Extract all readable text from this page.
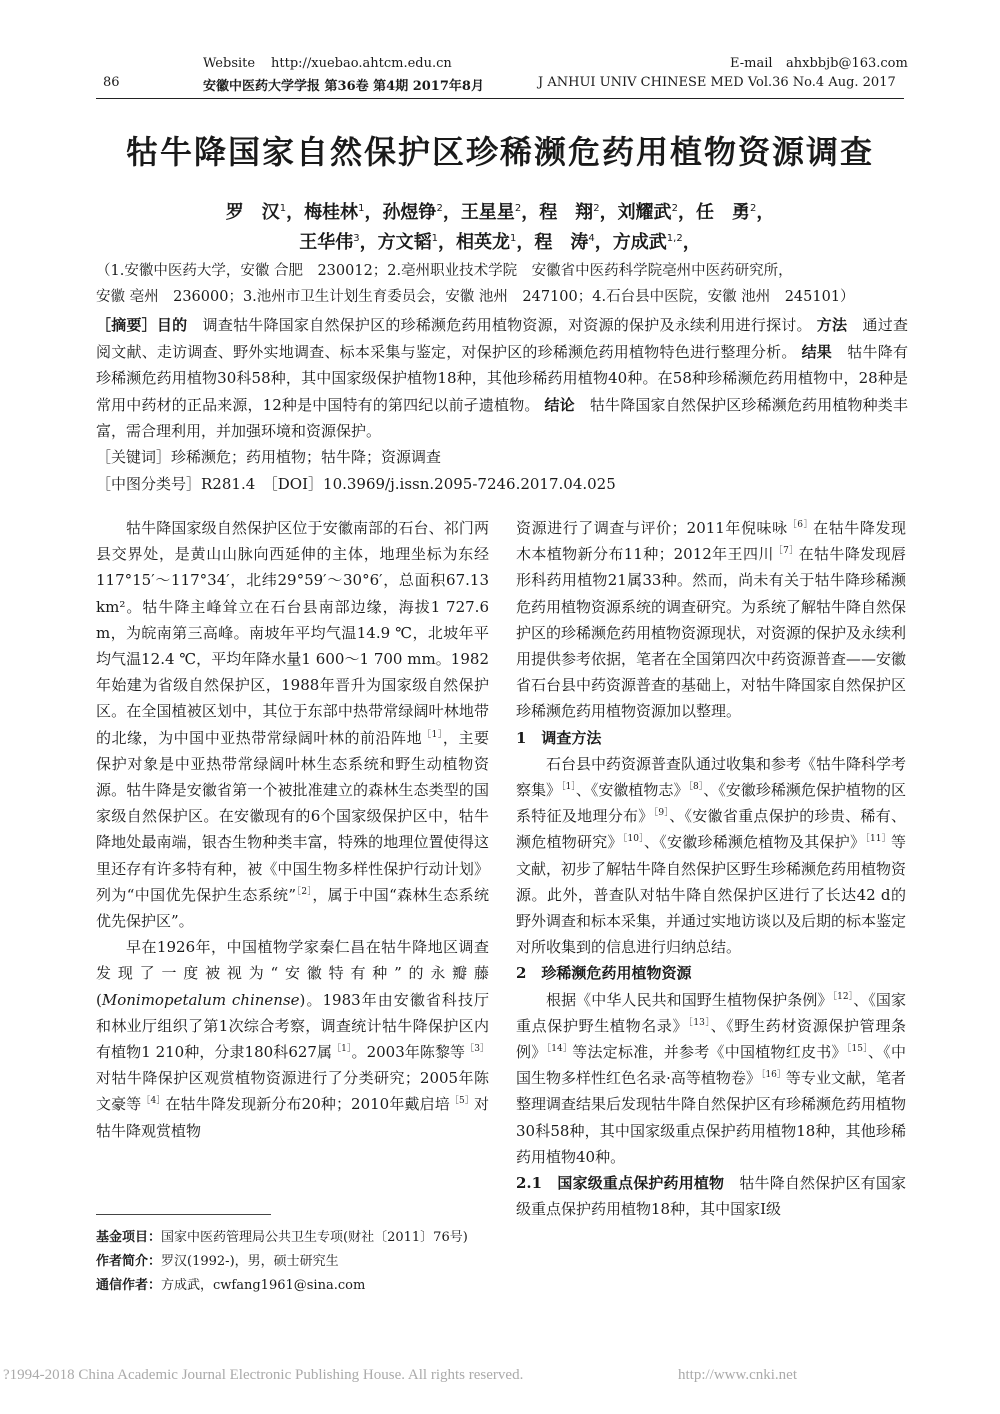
Website http://xuebao.ahtcm.edu.cn	E-mail ahxbbjb@163.com
86	安徽中医药大学学报 第36卷 第4期 2017年8月	J ANHUI UNIV CHINESE MED Vol.36 No.4 Aug. 2017
牯牛降国家自然保护区珍稀濒危药用植物资源调查
罗　汉$^1$，梅桂林$^1$，孙煜铮$^2$，王星星$^2$，程　翔$^2$，刘耀武$^2$，任　勇$^2$，
王华伟$^3$，方文韬$^1$，相英龙$^1$，程　涛$^4$，方成武$^{1,2}$，
（1.安徽中医药大学，安徽 合肥　230012；2.亳州职业技术学院　安徽省中医药科学院亳州中医药研究所，
安徽 亳州　236000；3.池州市卫生计划生育委员会，安徽 池州　247100；4.石台县中医院，安徽 池州　245101）
［摘要］目的　 调查牯牛降国家自然保护区的珍稀濒危药用植物资源，对资源的保护及永续利用进行探讨。 方法　 通过查阅文献、走访调查、野外实地调查、标本采集与鉴定，对保护区的珍稀濒危药用植物特色进行整理分析。 结果　 牯牛降有珍稀濒危药用植物30科58种，其中国家级保护植物18种，其他珍稀药用植物40种。在58种珍稀濒危药用植物中，28种是常用中药材的正品来源，12种是中国特有的第四纪以前孑遗植物。 结论　 牯牛降国家自然保护区珍稀濒危药用植物种类丰富，需合理利用，并加强环境和资源保护。
［关键词］珍稀濒危；药用植物；牯牛降；资源调查
［中图分类号］R281.4　 ［DOI］10.3969/j.issn.2095-7246.2017.04.025

牯牛降国家级自然保护区位于安徽南部的石台、祁门两县交界处，是黄山山脉向西延伸的主体，地理坐标为东经117°15′～117°34′，北纬29°59′～30°6′，总面积67.13 km²。牯牛降主峰耸立在石台县南部边缘，海拔1 727.6 m，为皖南第三高峰。南坡年平均气温14.9 ℃，北坡年平均气温12.4 ℃，平均年降水量1 600～1 700 mm。1982年始建为省级自然保护区，1988年晋升为国家级自然保护区。在全国植被区划中，其位于东部中热带常绿阔叶林地带的北缘，为中国中亚热带常绿阔叶林的前沿阵地$^{[1]}$，主要保护对象是中亚热带常绿阔叶林生态系统和野生动植物资源。牯牛降是安徽省第一个被批准建立的森林生态类型的国家级自然保护区。在安徽现有的6个国家级保护区中，牯牛降地处最南端，银杏生物种类丰富，特殊的地理位置使得这里还存有许多特有种，被《中国生物多样性保护行动计划》列为“中国优先保护生态系统”$^{[2]}$，属于中国“森林生态系统优先保护区”。

早在1926年，中国植物学家秦仁昌在牯牛降地区调查发现了一度被视为“安徽特有种”的永瓣藤(Monimopetalum chinense)。1983年由安徽省科技厅和林业厅组织了第1次综合考察，调查统计牯牛降保护区内有植物1 210种，分隶180科627属$^{[1]}$。2003年陈黎等$^{[3]}$对牯牛降保护区观赏植物资源进行了分类研究；2005年陈文豪等$^{[4]}$在牯牛降发现新分布20种；2010年戴启培$^{[5]}$对牯牛降观赏植物

资源进行了调查与评价；2011年倪味咏$^{[6]}$在牯牛降发现木本植物新分布11种；2012年王四川$^{[7]}$在牯牛降发现唇形科药用植物21属33种。然而，尚未有关于牯牛降珍稀濒危药用植物资源系统的调查研究。为系统了解牯牛降自然保护区的珍稀濒危药用植物资源现状，对资源的保护及永续利用提供参考依据，笔者在全国第四次中药资源普查——安徽省石台县中药资源普查的基础上，对牯牛降国家自然保护区珍稀濒危药用植物资源加以整理。

1　调查方法

石台县中药资源普查队通过收集和参考《牯牛降科学考察集》$^{[1]}$、《安徽植物志》$^{[8]}$、《安徽珍稀濒危保护植物的区系特征及地理分布》$^{[9]}$、《安徽省重点保护的珍贵、稀有、濒危植物研究》$^{[10]}$、《安徽珍稀濒危植物及其保护》$^{[11]}$等文献，初步了解牯牛降自然保护区野生珍稀濒危药用植物资源。此外，普查队对牯牛降自然保护区进行了长达42 d的野外调查和标本采集，并通过实地访谈以及后期的标本鉴定对所收集到的信息进行归纳总结。

2　珍稀濒危药用植物资源

根据《中华人民共和国野生植物保护条例》$^{[12]}$、《国家重点保护野生植物名录》$^{[13]}$、《野生药材资源保护管理条例》$^{[14]}$等法定标准，并参考《中国植物红皮书》$^{[15]}$、《中国生物多样性红色名录·高等植物卷》$^{[16]}$等专业文献，笔者整理调查结果后发现牯牛降自然保护区有珍稀濒危药用植物30科58种，其中国家级重点保护药用植物18种，其他珍稀药用植物40种。

2.1　国家级重点保护药用植物　 牯牛降自然保护区有国家级重点保护药用植物18种，其中国家Ⅰ级

基金项目：国家中医药管理局公共卫生专项(财社〔2011〕76号)
作者简介：罗汉(1992-)，男，硕士研究生
通信作者：方成武，cwfang1961@sina.com
?1994-2018 China Academic Journal Electronic Publishing House. All rights reserved.	http://www.cnki.net
